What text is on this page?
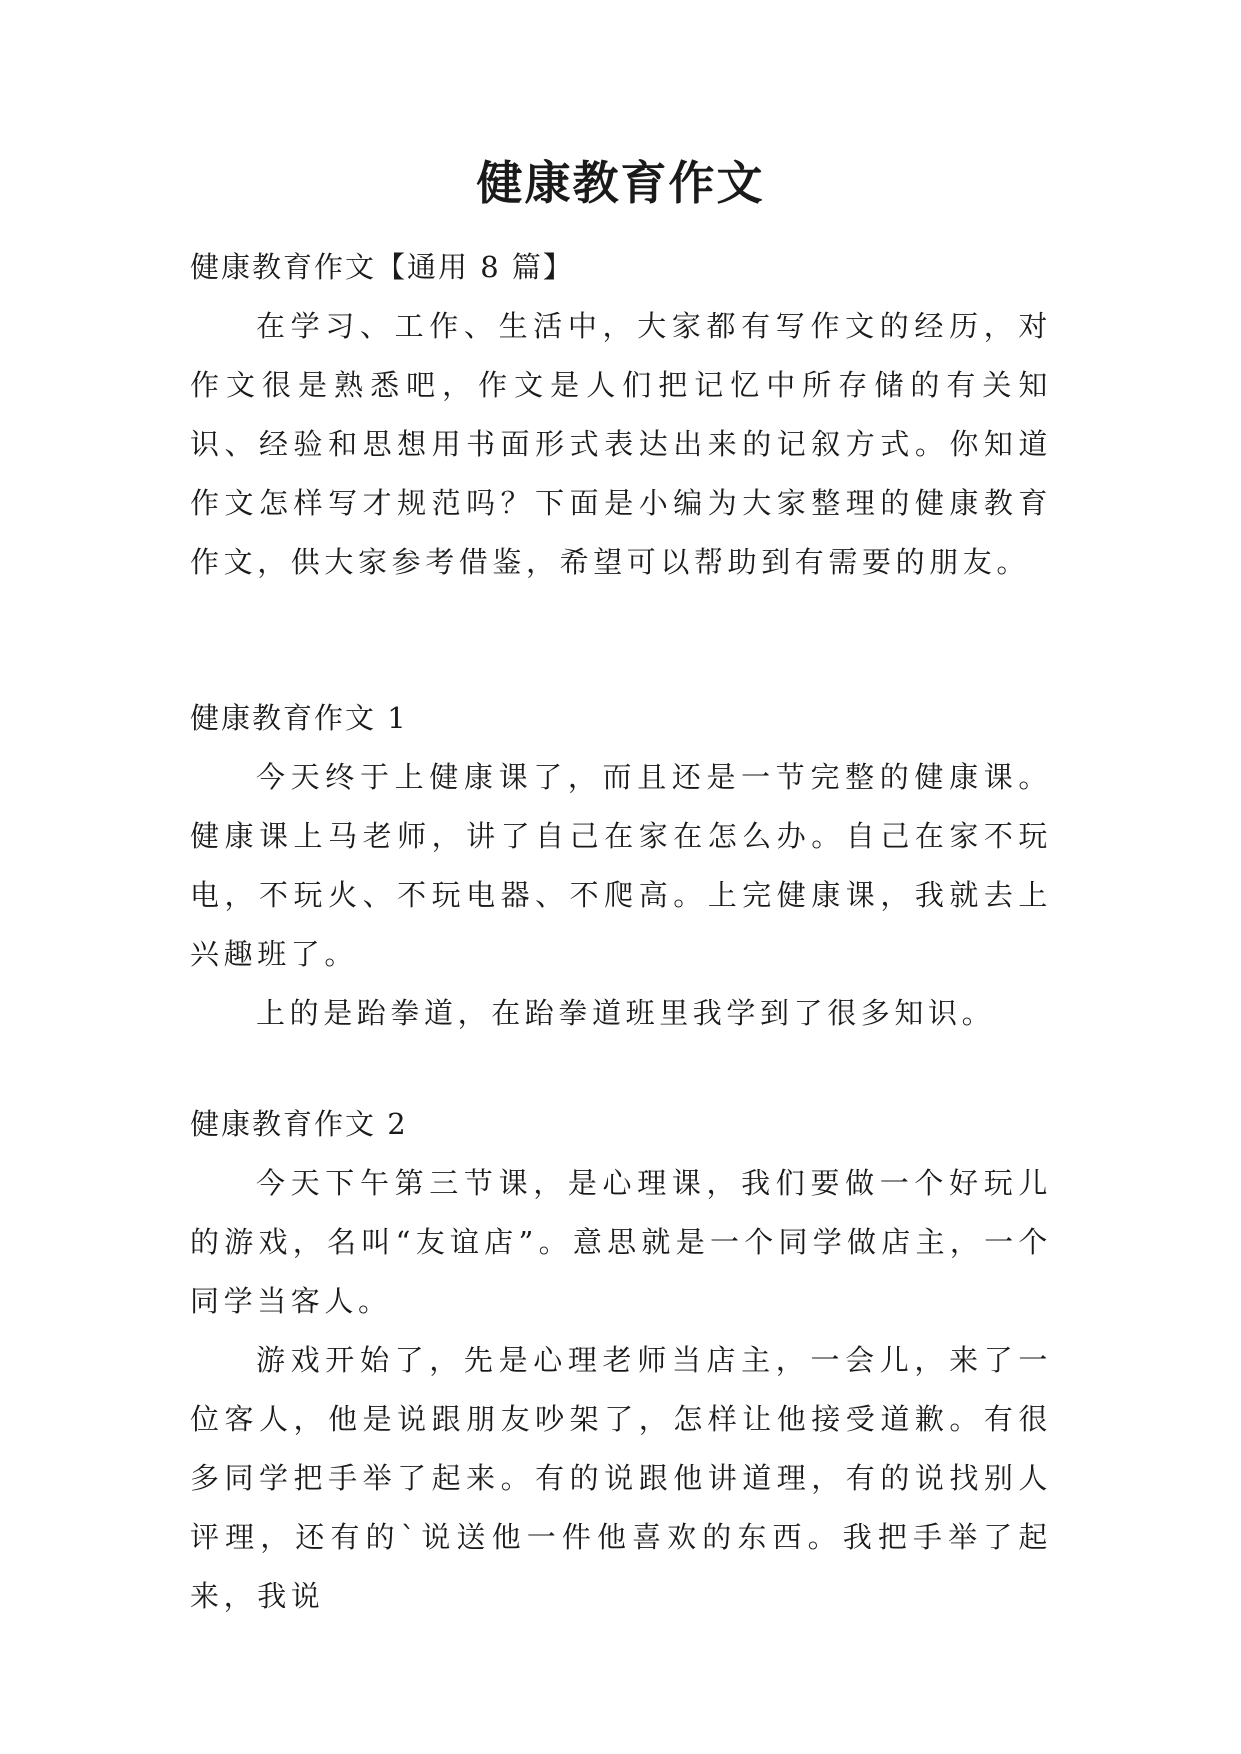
健康教育作文

健康教育作文【通用 8 篇】

在学习、工作、生活中，大家都有写作文的经历，对作文很是熟悉吧，作文是人们把记忆中所存储的有关知识、经验和思想用书面形式表达出来的记叙方式。你知道作文怎样写才规范吗？下面是小编为大家整理的健康教育作文，供大家参考借鉴，希望可以帮助到有需要的朋友。

健康教育作文 1

今天终于上健康课了，而且还是一节完整的健康课。健康课上马老师，讲了自己在家在怎么办。自己在家不玩电，不玩火、不玩电器、不爬高。上完健康课，我就去上兴趣班了。

上的是跆拳道，在跆拳道班里我学到了很多知识。

健康教育作文 2

今天下午第三节课，是心理课，我们要做一个好玩儿的游戏，名叫“友谊店”。意思就是一个同学做店主，一个同学当客人。

游戏开始了，先是心理老师当店主，一会儿，来了一位客人，他是说跟朋友吵架了，怎样让他接受道歉。有很多同学把手举了起来。有的说跟他讲道理，有的说找别人评理，还有的`说送他一件他喜欢的东西。我把手举了起来，我说
